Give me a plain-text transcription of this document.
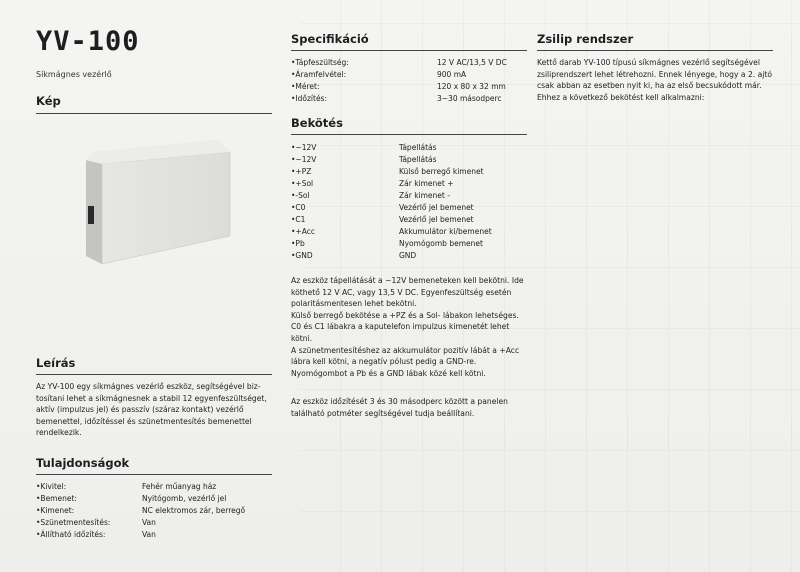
YV-100
Síkmágnes vezérlő
Kép
Leírás
Az YV-100 egy síkmágnes vezérlő eszköz, segítségével biz-
tosítani lehet a síkmágnesnek a stabil 12 egyenfeszültséget,
aktív (impulzus jel) és passzív (száraz kontakt) vezérlő
bemenettel, időzítéssel és szünetmentesítés bemenettel
rendelkezik.
Tulajdonságok
•Kivitel:	Fehér műanyag ház
•Bemenet:	Nyitógomb, vezérlő jel
•Kimenet:	NC elektromos zár, berregő
•Szünetmentesítés:	Van
•Állítható időzítés:	Van
Specifikáció
•Tápfeszültség:	12 V AC/13,5 V DC
•Áramfelvétel:	900 mA
•Méret:	120 x 80 x 32 mm
•Időzítés:	3~30 másodperc
Bekötés
•~12V	Tápellátás
•~12V	Tápellátás
•+PZ	Külső berregő kimenet
•+Sol	Zár kimenet +
•-Sol	Zár kimenet -
•C0	Vezérlő jel bemenet
•C1	Vezérlő jel bemenet
•+Acc	Akkumulátor ki/bemenet
•Pb	Nyomógomb bemenet
•GND	GND
Az eszköz tápellátását a ~12V bemeneteken kell bekötni. Ide
köthető 12 V AC, vagy 13,5 V DC. Egyenfeszültség esetén
polaritásmentesen lehet bekötni.
Külső berregő bekötése a +PZ és a Sol- lábakon lehetséges.
C0 és C1 lábakra a kaputelefon impulzus kimenetét lehet
kötni.
A szünetmentesítéshez az akkumulátor pozitív lábát a +Acc
lábra kell kötni, a negatív pólust pedig a GND-re.
Nyomógombot a Pb és a GND lábak közé kell kötni.
Az eszköz időzítését 3 és 30 másodperc között a panelen
található potméter segítségével tudja beállítani.
Zsilip rendszer
Kettő darab YV-100 típusú síkmágnes vezérlő segítségével
zsiliprendszert lehet létrehozni. Ennek lényege, hogy a 2. ajtó
csak abban az esetben nyit ki, ha az első becsukódott már.
Ehhez a következő bekötést kell alkalmazni:
